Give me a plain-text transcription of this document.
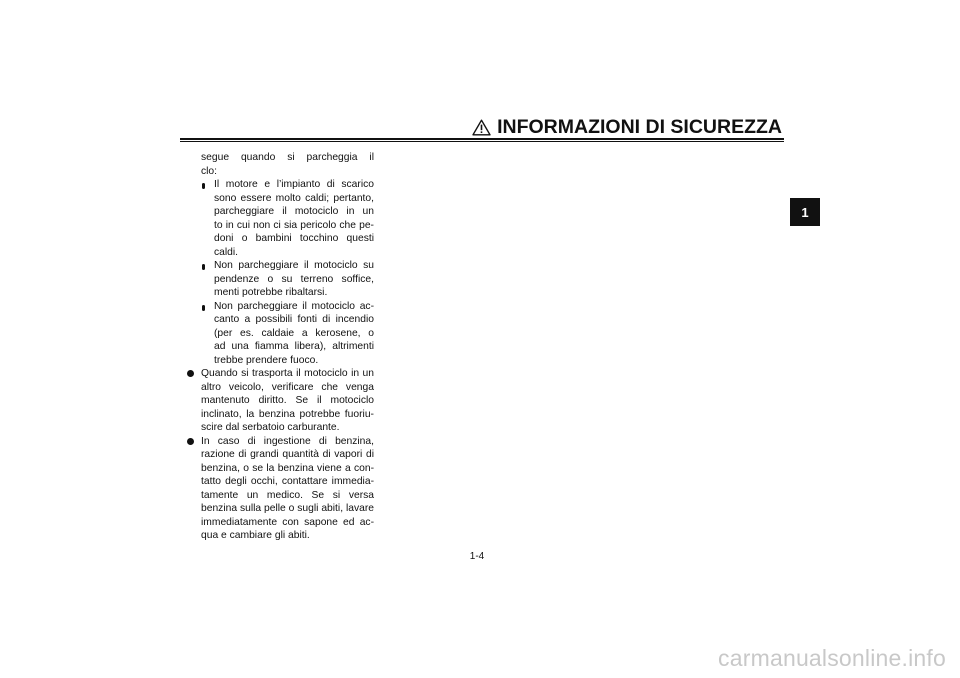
INFORMAZIONI DI SICUREZZA
1
segue quando si parcheggia il
clo:
Il motore e l’impianto di scarico
sono essere molto caldi; pertanto,
parcheggiare il motociclo in un
to in cui non ci sia pericolo che pe-
doni o bambini tocchino questi
caldi.
Non parcheggiare il motociclo su
pendenze o su terreno soffice,
menti potrebbe ribaltarsi.
Non parcheggiare il motociclo ac-
canto a possibili fonti di incendio
(per es. caldaie a kerosene, o
ad una fiamma libera), altrimenti
trebbe prendere fuoco.
Quando si trasporta il motociclo in un
altro veicolo, verificare che venga
mantenuto diritto. Se il motociclo
inclinato, la benzina potrebbe fuoriu-
scire dal serbatoio carburante.
In caso di ingestione di benzina,
razione di grandi quantità di vapori di
benzina, o se la benzina viene a con-
tatto degli occhi, contattare immedia-
tamente un medico. Se si versa
benzina sulla pelle o sugli abiti, lavare
immediatamente con sapone ed ac-
qua e cambiare gli abiti.
1-4
carmanualsonline.info
